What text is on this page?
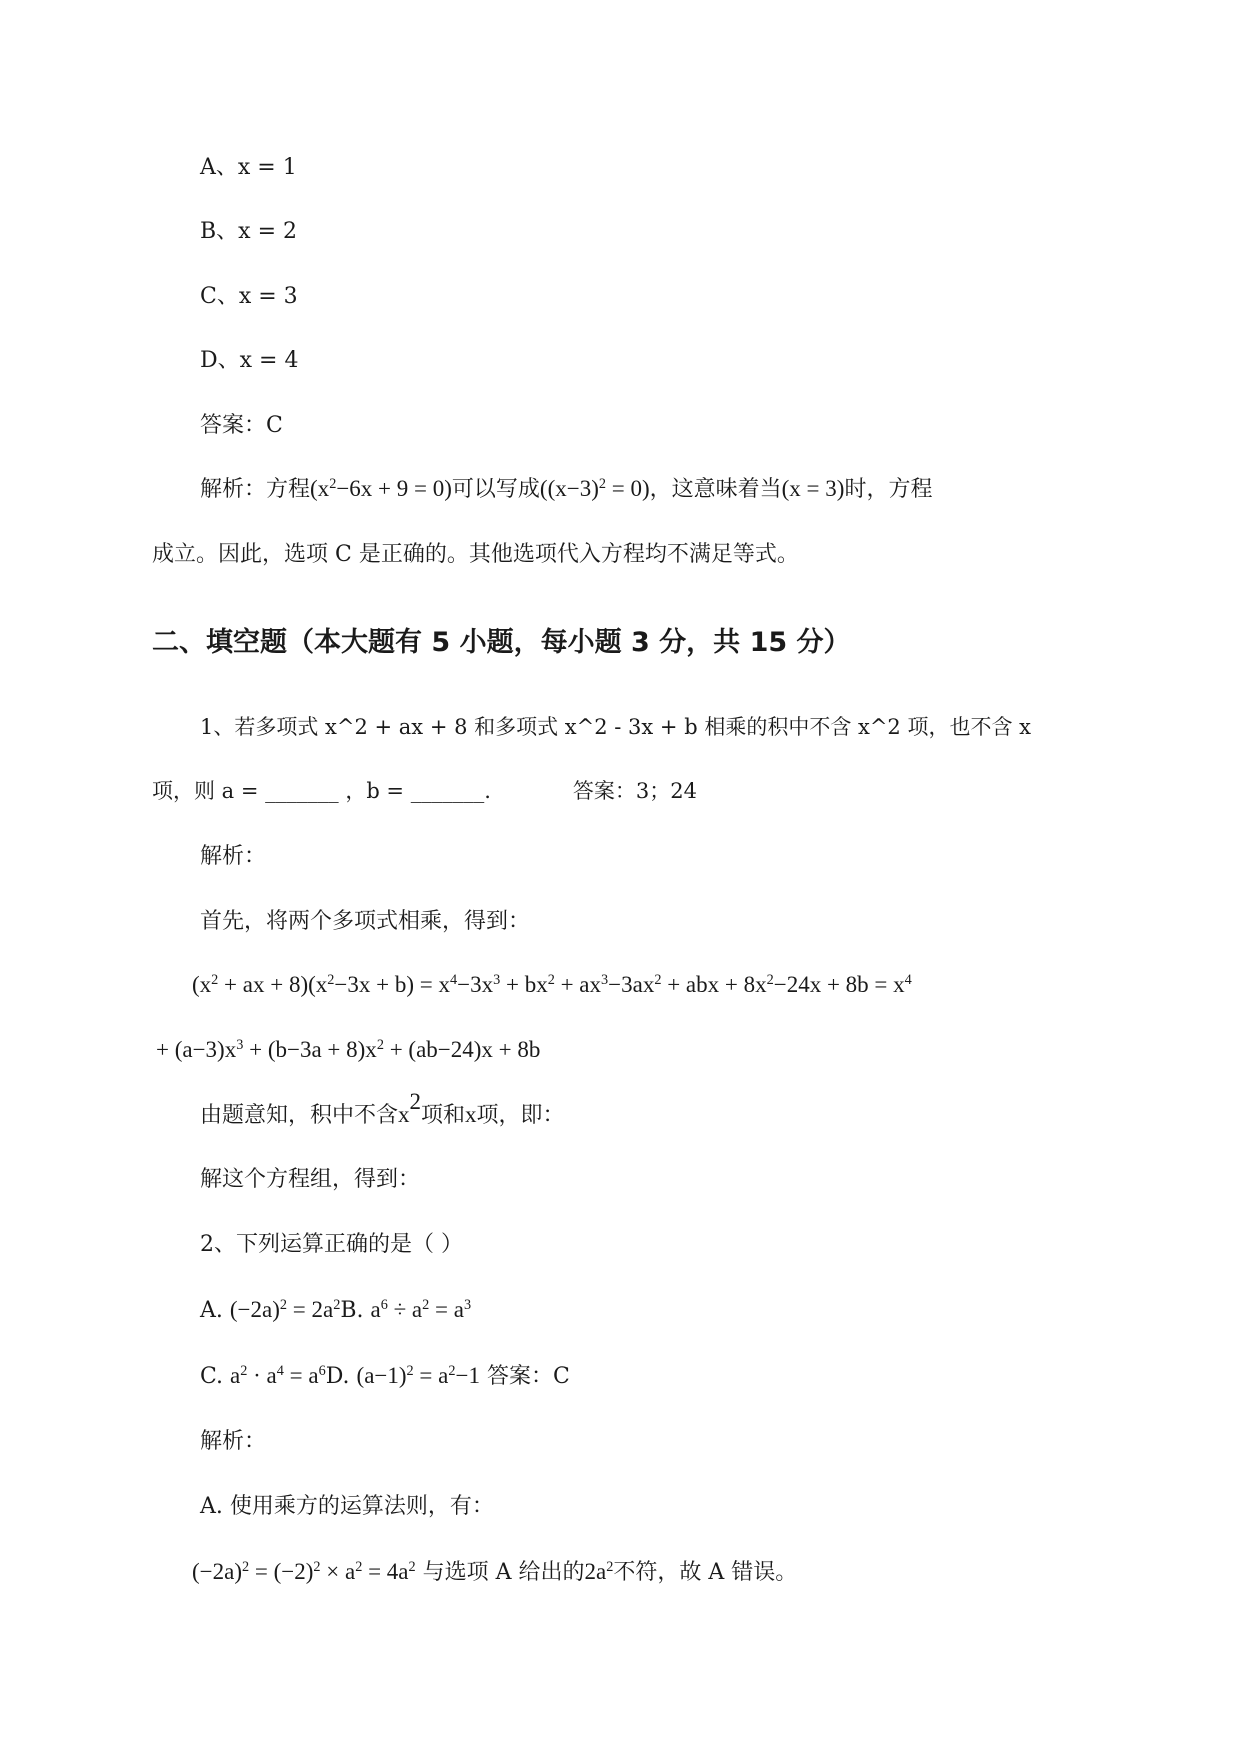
A、x = 1
B、x = 2
C、x = 3
D、x = 4
答案：C
解析：方程$(x^2-6x + 9 = 0)$可以写成$((x-3)^2 = 0)$，这意味着当(x = 3)时，方程
成立。因此，选项 C 是正确的。其他选项代入方程均不满足等式。
二、填空题（本大题有 5 小题，每小题 3 分，共 15 分）
1、若多项式 x^2 + ax + 8 和多项式 x^2 - 3x + b 相乘的积中不含 x^2 项，也不含 x
项，则 a = _______ ，b = _______.	答案：3；24
解析：
首先，将两个多项式相乘，得到：
($x^2$ + ax + $8)(x^2-3x + b) = x^4-3x^3 + bx^2 + ax^3-3ax^2$ + abx + $8x^2-24x + 8b = x^4$
+ $(a-3)x^3 + (b-3a + 8)x^2 + (ab-24)x + 8b$
由题意知，积中不含$x^2$项和x项，即：
解这个方程组，得到：
2、下列运算正确的是（ ）
A. $(-2a)^2 = 2a^2B$. $a^6 \div a^2 = a^3$
C. $a^2 \cdot a^4 = a^6D$. $(a-1)^2 = a^2-1$ 答案：C
解析：
A. 使用乘方的运算法则，有：
$(-2a)^2 = (-2)^2 \times a^2 = 4a^2$ 与选项 A 给出的$2a^2$不符，故 A 错误。
